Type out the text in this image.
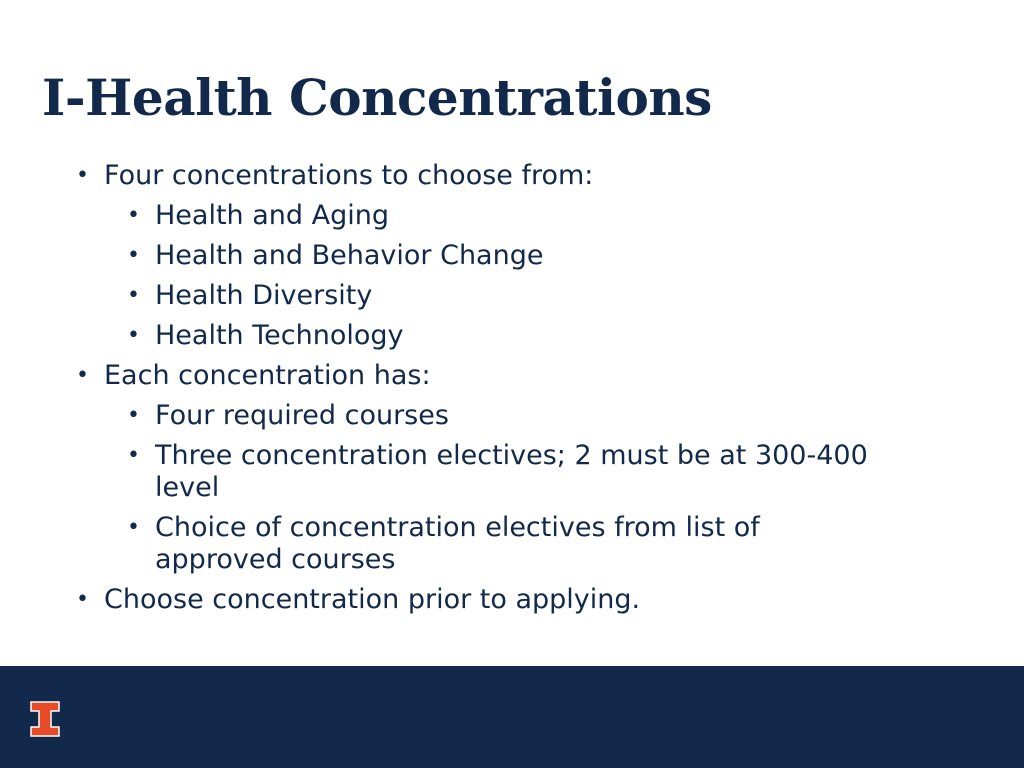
I-Health Concentrations
• Four concentrations to choose from:
• Health and Aging
• Health and Behavior Change
• Health Diversity
• Health Technology
• Each concentration has:
• Four required courses
• Three concentration electives; 2 must be at 300-400 level
• Choice of concentration electives from list of approved courses
• Choose concentration prior to applying.
